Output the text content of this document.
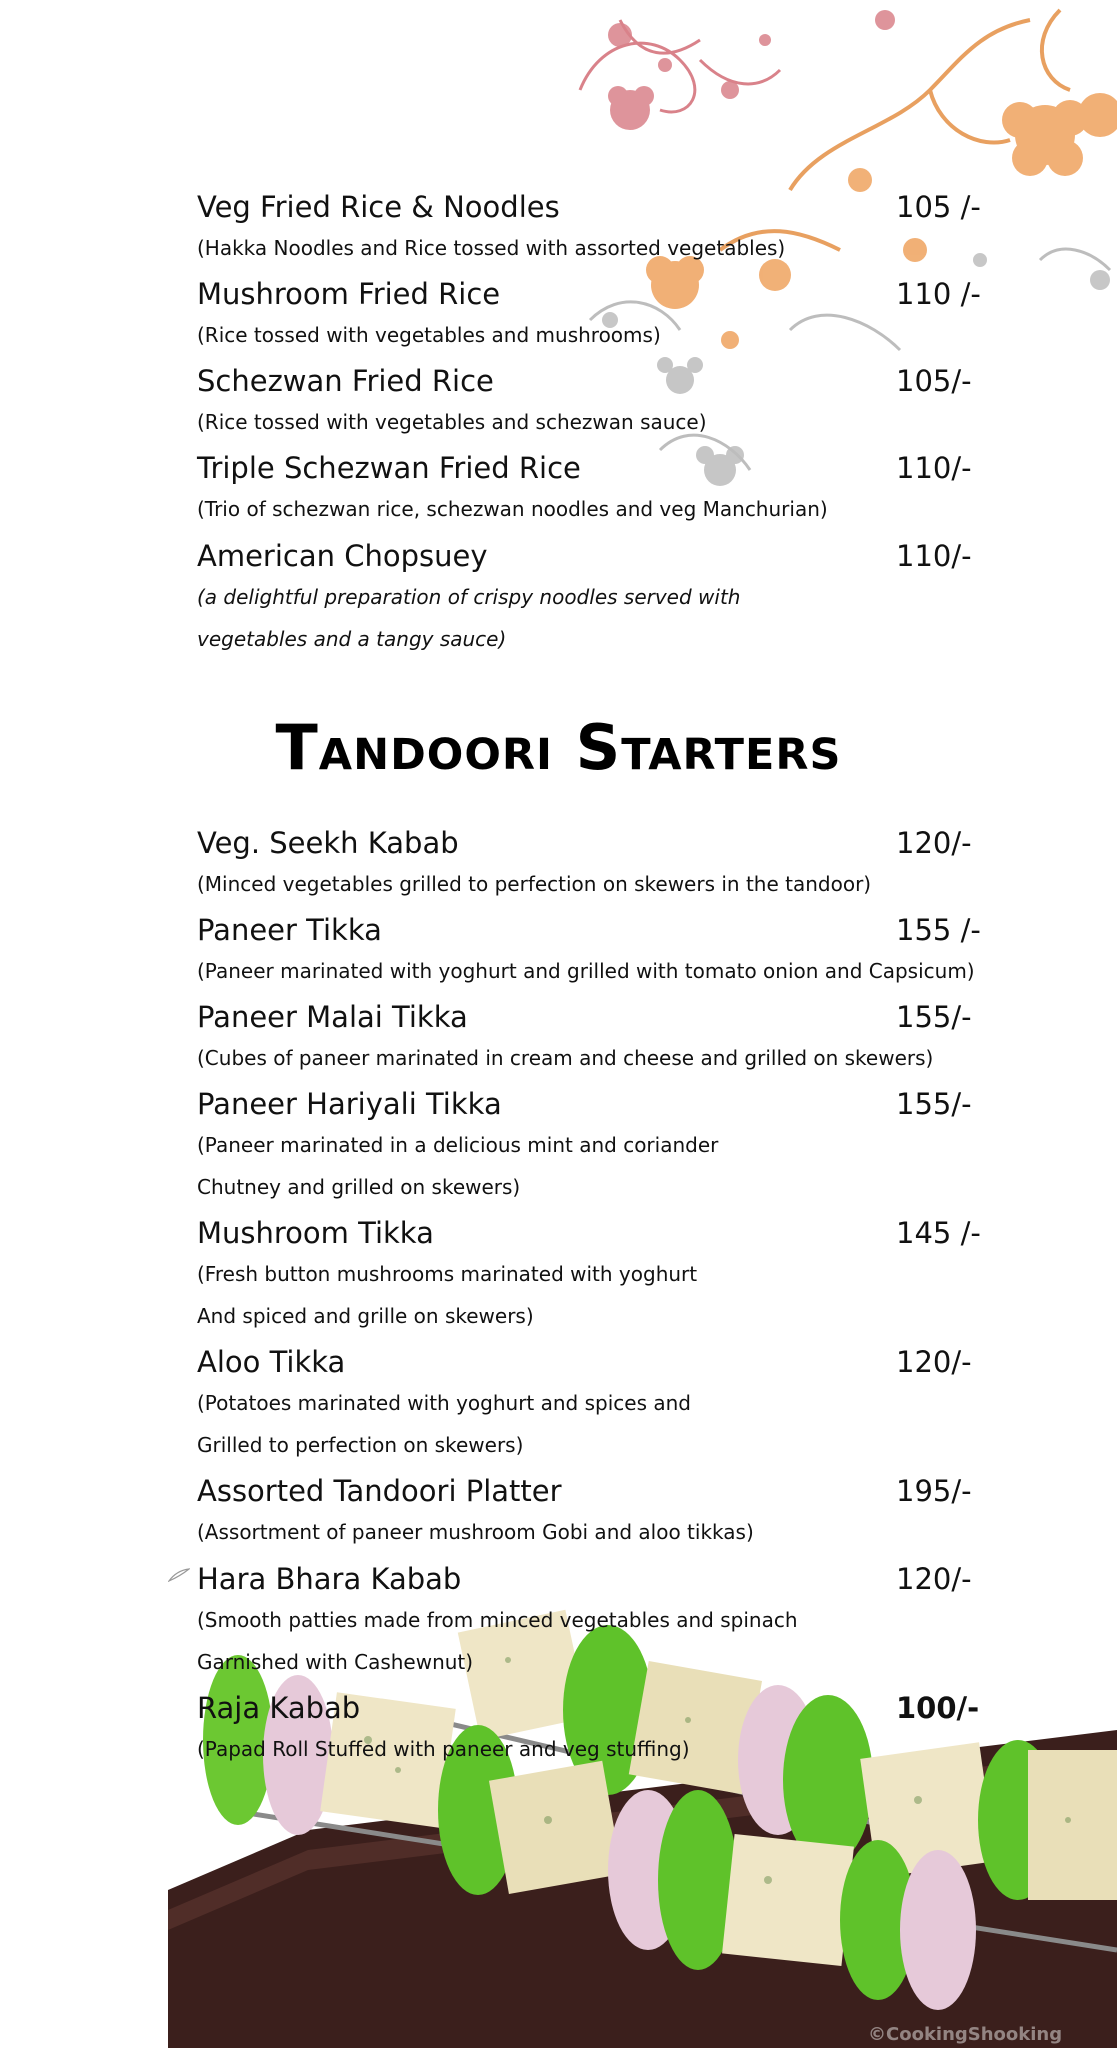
Veg Fried Rice & Noodles	105 /-
(Hakka Noodles and Rice tossed with assorted vegetables)
Mushroom Fried Rice	110 /-
(Rice tossed with vegetables and mushrooms)
Schezwan Fried Rice	105/-
(Rice tossed with vegetables and schezwan sauce)
Triple Schezwan Fried Rice	110/-
(Trio of schezwan rice, schezwan noodles and veg Manchurian)
American Chopsuey	110/-
(a delightful preparation of crispy noodles served with
vegetables and a tangy sauce)
Tandoori Starters
Veg. Seekh Kabab	120/-
(Minced vegetables grilled to perfection on skewers in the tandoor)
Paneer Tikka	155 /-
(Paneer marinated with yoghurt and grilled with tomato onion and Capsicum)
Paneer Malai Tikka	155/-
(Cubes of paneer marinated in cream and cheese and grilled on skewers)
Paneer Hariyali Tikka	155/-
(Paneer marinated in a delicious mint and coriander
Chutney and grilled on skewers)
Mushroom Tikka	145 /-
(Fresh button mushrooms marinated with yoghurt
And spiced and grille on skewers)
Aloo Tikka	120/-
(Potatoes marinated with yoghurt and spices and
Grilled to perfection on skewers)
Assorted Tandoori Platter	195/-
(Assortment of paneer mushroom Gobi and aloo tikkas)
Hara Bhara Kabab	120/-
(Smooth patties made from minced vegetables and spinach
Garnished with Cashewnut)
Raja Kabab	100/-
(Papad Roll Stuffed with paneer and veg stuffing)
©CookingShooking
